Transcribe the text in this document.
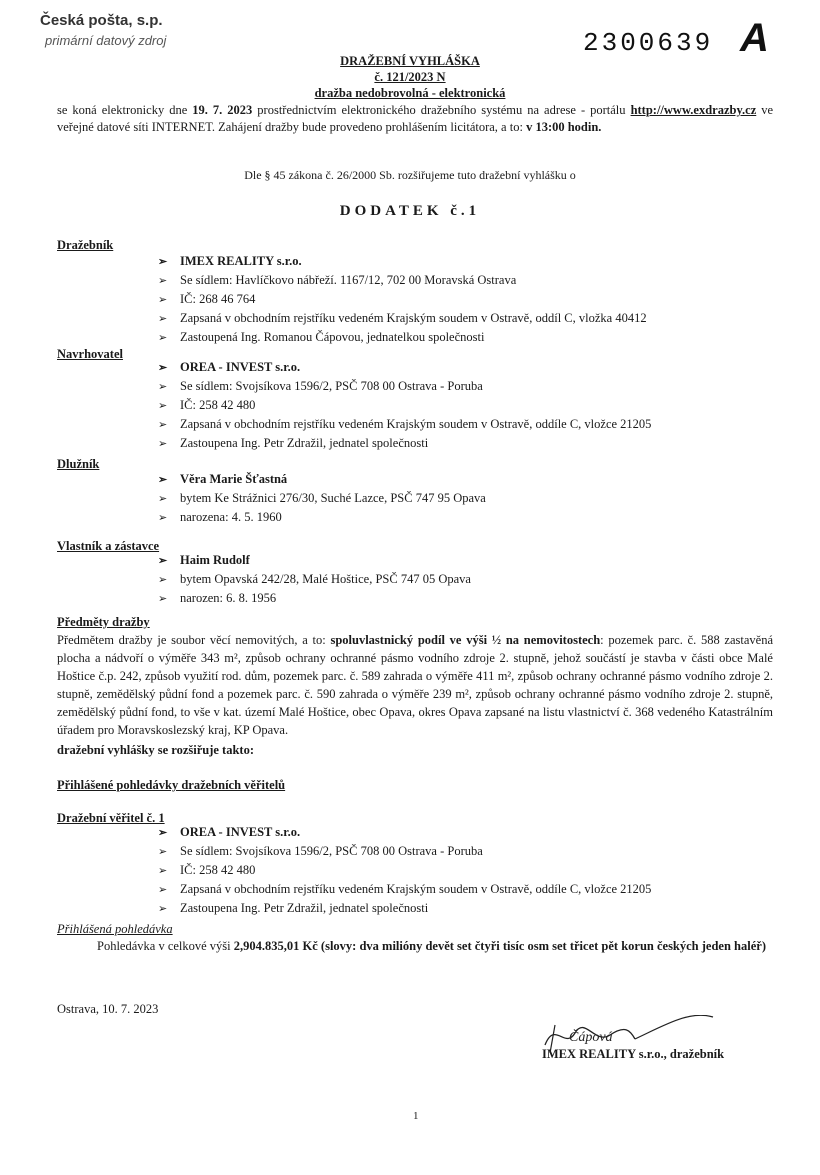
Česká pošta, s.p.
primární datový zdroj	2300639 A
DRAŽEBNÍ VYHLÁŠKA
č. 121/2023 N
dražba nedobrovolná - elektronická
se koná elektronicky dne 19. 7. 2023 prostřednictvím elektronického dražebního systému na adrese - portálu http://www.exdrazby.cz ve veřejné datové síti INTERNET. Zahájení dražby bude provedeno prohlášením licitátora, a to: v 13:00 hodin.
Dle § 45 zákona č. 26/2000 Sb. rozšiřujeme tuto dražební vyhlášku o
DODATEK č.1
Dražebník
➢ IMEX REALITY s.r.o.
➢ Se sídlem: Havlíčkovo nábřeží. 1167/12, 702 00 Moravská Ostrava
➢ IČ: 268 46 764
➢ Zapsaná v obchodním rejstříku vedeném Krajským soudem v Ostravě, oddíl C, vložka 40412
➢ Zastoupená Ing. Romanou Čápovou, jednatelkou společnosti
Navrhovatel
➢ OREA - INVEST s.r.o.
➢ Se sídlem: Svojsíkova 1596/2, PSČ 708 00 Ostrava - Poruba
➢ IČ: 258 42 480
➢ Zapsaná v obchodním rejstříku vedeném Krajským soudem v Ostravě, oddíle C, vložce 21205
➢ Zastoupena Ing. Petr Zdražil, jednatel společnosti
Dlužník
➢ Věra Marie Šťastná
➢ bytem Ke Strážnici 276/30, Suché Lazce, PSČ 747 95 Opava
➢ narozena: 4. 5. 1960
Vlastník a zástavce
➢ Haim Rudolf
➢ bytem Opavská 242/28, Malé Hoštice, PSČ 747 05 Opava
➢ narozen: 6. 8. 1956
Předměty dražby
Předmětem dražby je soubor věcí nemovitých, a to: spoluvlastnický podíl ve výši ½ na nemovitostech: pozemek parc. č. 588 zastavěná plocha a nádvoří o výměře 343 m², způsob ochrany ochranné pásmo vodního zdroje 2. stupně, jehož součástí je stavba v části obce Malé Hoštice č.p. 242, způsob využití rod. dům, pozemek parc. č. 589 zahrada o výměře 411 m², způsob ochrany ochranné pásmo vodního zdroje 2. stupně, zemědělský půdní fond a pozemek parc. č. 590 zahrada o výměře 239 m², způsob ochrany ochranné pásmo vodního zdroje 2. stupně, zemědělský půdní fond, to vše v kat. území Malé Hoštice, obec Opava, okres Opava zapsané na listu vlastnictví č. 368 vedeného Katastrálním úřadem pro Moravskoslezský kraj, KP Opava.
dražební vyhlášky se rozšiřuje takto:
Přihlášené pohledávky dražebních věřitelů
Dražební věřitel č. 1
➢ OREA - INVEST s.r.o.
➢ Se sídlem: Svojsíkova 1596/2, PSČ 708 00 Ostrava - Poruba
➢ IČ: 258 42 480
➢ Zapsaná v obchodním rejstříku vedeném Krajským soudem v Ostravě, oddíle C, vložce 21205
➢ Zastoupena Ing. Petr Zdražil, jednatel společnosti
Přihlášená pohledávka
Pohledávka v celkové výši 2,904.835,01 Kč (slovy: dva milióny devět set čtyři tisíc osm set třicet pět korun českých jeden haléř)
Ostrava, 10. 7. 2023
Čápová
IMEX REALITY s.r.o., dražebník
1
